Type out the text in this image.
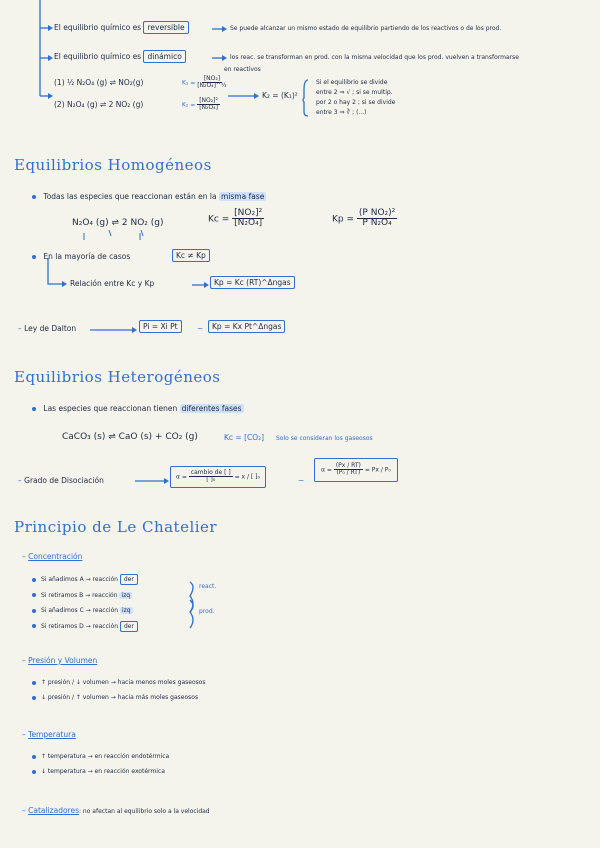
El equilibrio químico es reversible	Se puede alcanzar un mismo estado de equilibrio partiendo de los reactivos o de los prod.
El equilibrio químico es dinámico	los reac. se transforman en prod. con la misma velocidad que los prod. vuelven a transformarse
en reactivos
(1) ½ N₂O₄ (g) ⇌ NO₂(g)
(2) N₂O₄ (g) ⇌ 2 NO₂ (g)
$K_1 = \frac{\text{[NO₂]}}{\text{[N₂O₄]\textasciicircum{}½}}$
$K_2 = \frac{\text{[NO₂]²}}{\text{[N₂O₄]}}$
K₂ = (K₁)²
Si el equilibrio se divide
entre 2 ⇒ √ ; si se multip.
por 2 o hay 2 ; si se divide
entre 3 ⇒ ∛ ; (...)
Equilibrios Homogéneos
Todas las especies que reaccionan están en la misma fase
N₂O₄ (g) ⇌ 2 NO₂ (g)	$Kc = \frac{\text{[NO₂]²}}{\text{[N₂O₄]}}$	$Kp = \frac{\text{(P NO₂)²}}{\text{P N₂O₄}}$
En la mayoría de casos	Kc ≠ Kp
Relación entre Kc y Kp	Kp = Kc (RT)^Δngas
– Ley de Dalton	Pi = Xi Pt	~	Kp = Kx Pt^Δngas
Equilibrios Heterogéneos
Las especies que reaccionan tienen diferentes fases
CaCO₃ (s) ⇌ CaO (s) + CO₂ (g)	Kc = [CO₂] Solo se consideran los gaseosos
– Grado de Disociación	$\alpha = \frac{\text{cambio de [ ]}}{\text{[ ]₀}} = x$ / [ ]₀	~
$\alpha = \frac{(Px / RT)}{\text{(P₀ / RT)}} = Px / P_0$
Principio de Le Chatelier
– Concentración
Si añadimos A → reacción der
Si retiramos B → reacción izq
Si añadimos C → reacción izq
Si retiramos D → reacción der
react.
prod.
– Presión y Volumen
↑ presión / ↓ volumen → hacia menos moles gaseosos
↓ presión / ↑ volumen → hacia más moles gaseosos
– Temperatura
↑ temperatura → en reacción endotérmica
↓ temperatura → en reacción exotérmica
– Catalizadores: no afectan al equilibrio solo a la velocidad
